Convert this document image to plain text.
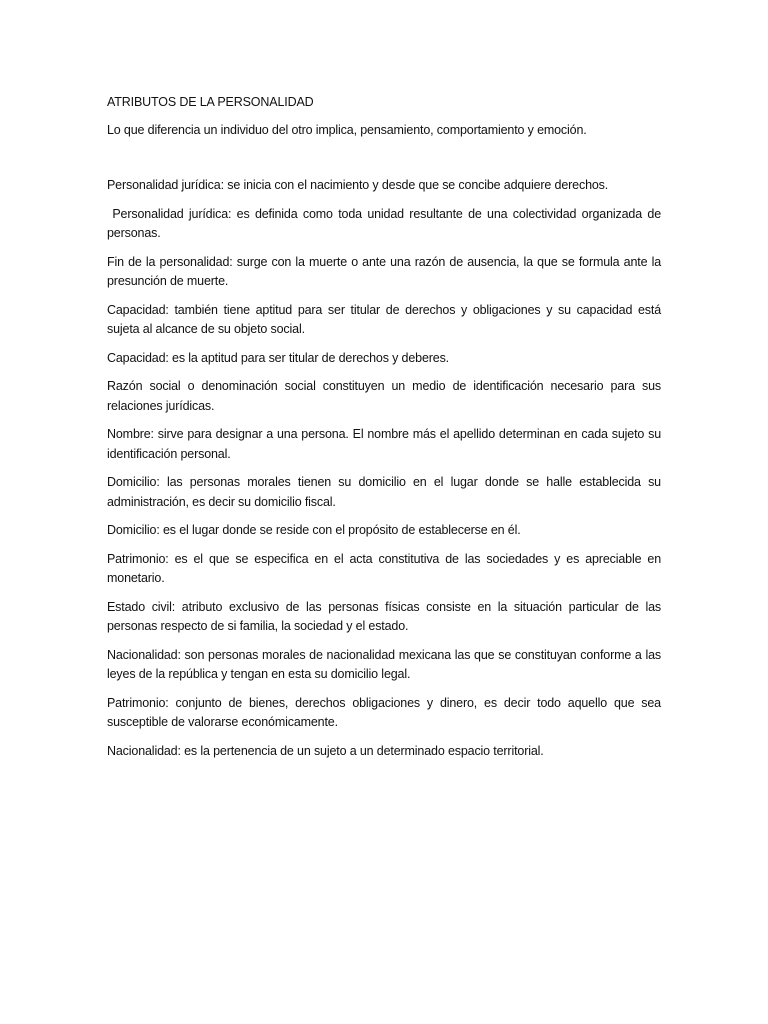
ATRIBUTOS DE LA PERSONALIDAD

Lo que diferencia un individuo del otro implica, pensamiento, comportamiento y emoción.

Personalidad jurídica: se inicia con el nacimiento y desde que se concibe adquiere derechos.

Personalidad jurídica: es definida como toda unidad resultante de una colectividad organizada de personas.

Fin de la personalidad: surge con la muerte o ante una razón de ausencia, la que se formula ante la presunción de muerte.

Capacidad: también tiene aptitud para ser titular de derechos y obligaciones y su capacidad está sujeta al alcance de su objeto social.

Capacidad: es la aptitud para ser titular de derechos y deberes.

Razón social o denominación social constituyen un medio de identificación necesario para sus relaciones jurídicas.

Nombre: sirve para designar a una persona. El nombre más el apellido determinan en cada sujeto su identificación personal.

Domicilio: las personas morales tienen su domicilio en el lugar donde se halle establecida su administración, es decir su domicilio fiscal.

Domicilio: es el lugar donde se reside con el propósito de establecerse en él.

Patrimonio: es el que se especifica en el acta constitutiva de las sociedades y es apreciable en monetario.

Estado civil: atributo exclusivo de las personas físicas consiste en la situación particular de las personas respecto de si familia, la sociedad y el estado.

Nacionalidad: son personas morales de nacionalidad mexicana las que se constituyan conforme a las leyes de la república y tengan en esta su domicilio legal.

Patrimonio: conjunto de bienes, derechos obligaciones y dinero, es decir todo aquello que sea susceptible de valorarse económicamente.

Nacionalidad: es la pertenencia de un sujeto a un determinado espacio territorial.
